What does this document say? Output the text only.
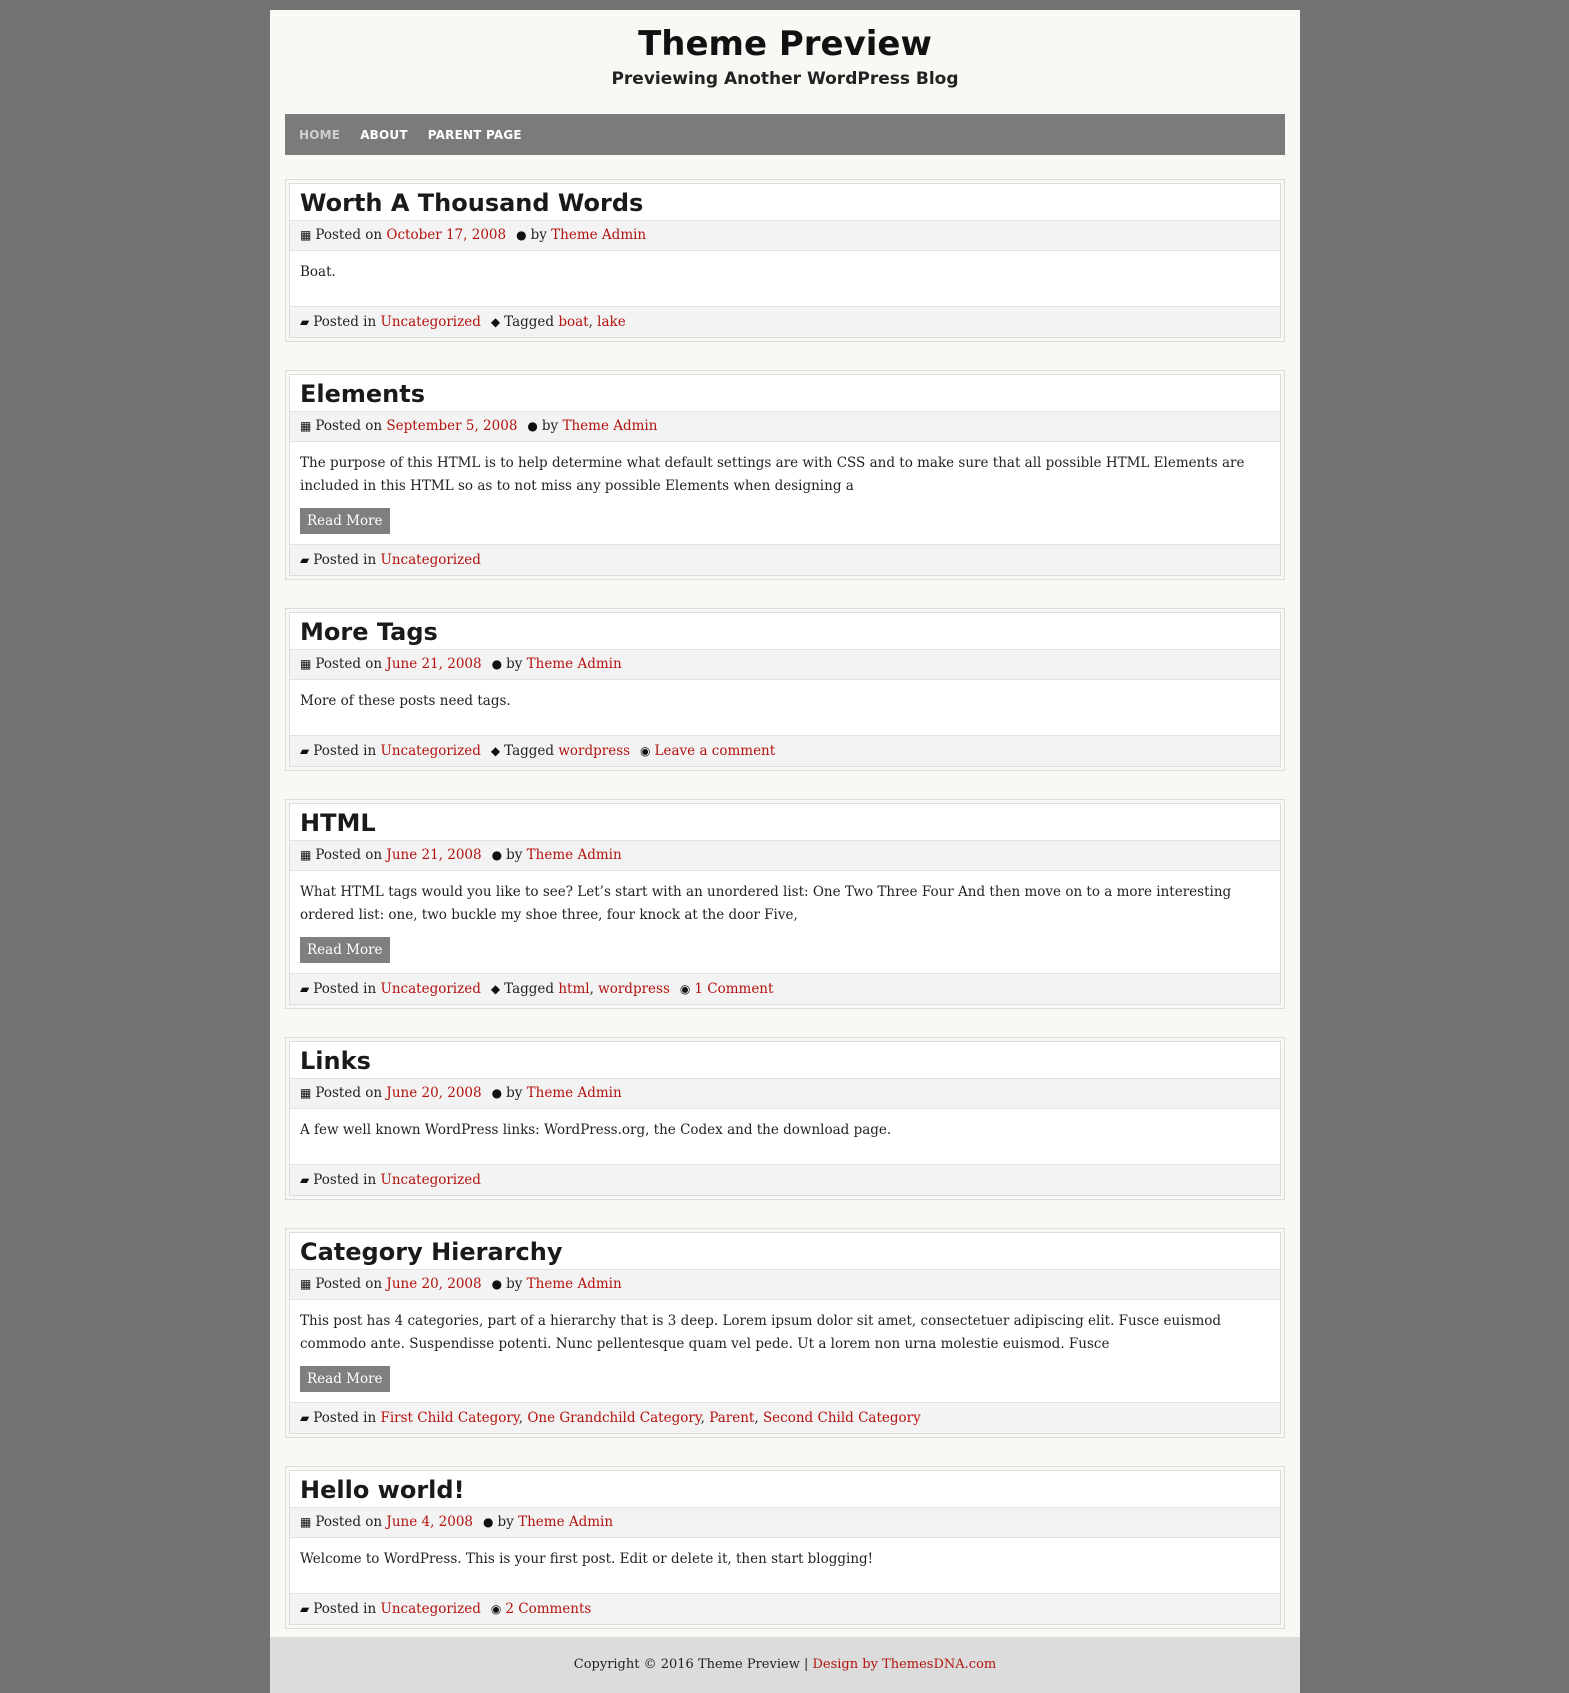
Theme Preview

Previewing Another WordPress Blog

HOME	ABOUT	PARENT PAGE
Worth A Thousand Words
▦ Posted on October 17, 2008 ● by Theme Admin

Boat.

▰ Posted in Uncategorized ◆ Tagged boat, lake
Elements
▦ Posted on September 5, 2008 ● by Theme Admin

The purpose of this HTML is to help determine what default settings are with CSS and to make sure that all possible HTML Elements are included in this HTML so as to not miss any possible Elements when designing a

Read More
▰ Posted in Uncategorized
More Tags
▦ Posted on June 21, 2008 ● by Theme Admin

More of these posts need tags.

▰ Posted in Uncategorized ◆ Tagged wordpress ◉ Leave a comment
HTML
▦ Posted on June 21, 2008 ● by Theme Admin

What HTML tags would you like to see? Let’s start with an unordered list: One Two Three Four And then move on to a more interesting ordered list: one, two buckle my shoe three, four knock at the door Five,

Read More
▰ Posted in Uncategorized ◆ Tagged html, wordpress ◉ 1 Comment
Links
▦ Posted on June 20, 2008 ● by Theme Admin

A few well known WordPress links: WordPress.org, the Codex and the download page.

▰ Posted in Uncategorized
Category Hierarchy
▦ Posted on June 20, 2008 ● by Theme Admin

This post has 4 categories, part of a hierarchy that is 3 deep. Lorem ipsum dolor sit amet, consectetuer adipiscing elit. Fusce euismod commodo ante. Suspendisse potenti. Nunc pellentesque quam vel pede. Ut a lorem non urna molestie euismod. Fusce

Read More
▰ Posted in First Child Category, One Grandchild Category, Parent, Second Child Category
Hello world!
▦ Posted on June 4, 2008 ● by Theme Admin

Welcome to WordPress. This is your first post. Edit or delete it, then start blogging!

▰ Posted in Uncategorized ◉ 2 Comments
Copyright © 2016 Theme Preview | Design by ThemesDNA.com
